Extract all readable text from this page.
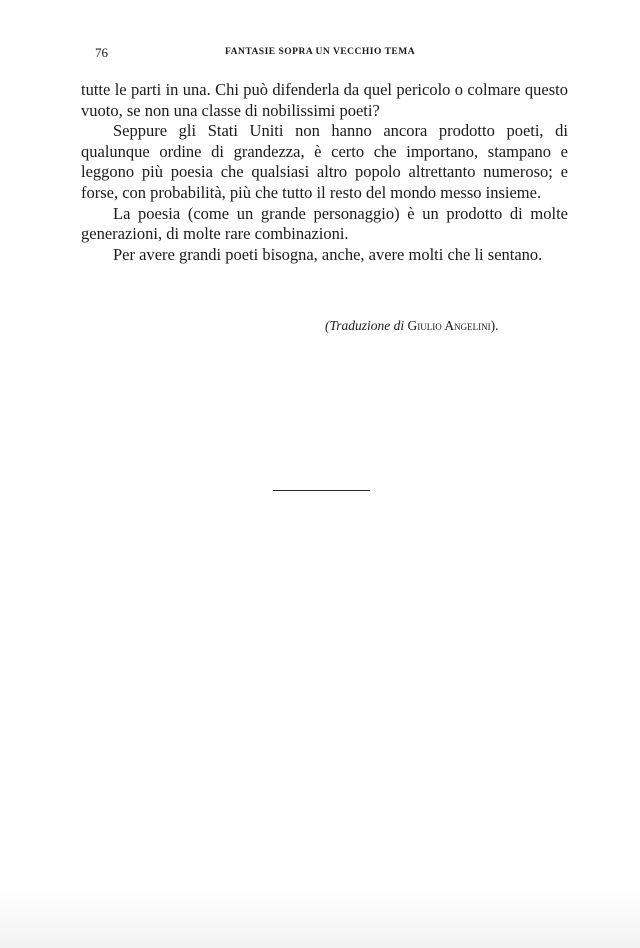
76	FANTASIE SOPRA UN VECCHIO TEMA

tutte le parti in una. Chi può difenderla da quel pericolo o colmare questo vuoto, se non una classe di nobilissimi poeti?

Seppure gli Stati Uniti non hanno ancora prodotto poeti, di qualunque ordine di grandezza, è certo che importano, stampano e leggono più poesia che qualsiasi altro popolo altrettanto numeroso; e forse, con probabilità, più che tutto il resto del mondo messo insieme.

La poesia (come un grande personaggio) è un prodotto di molte generazioni, di molte rare combinazioni.

Per avere grandi poeti bisogna, anche, avere molti che li sentano.

(Traduzione di Giulio Angelini).
